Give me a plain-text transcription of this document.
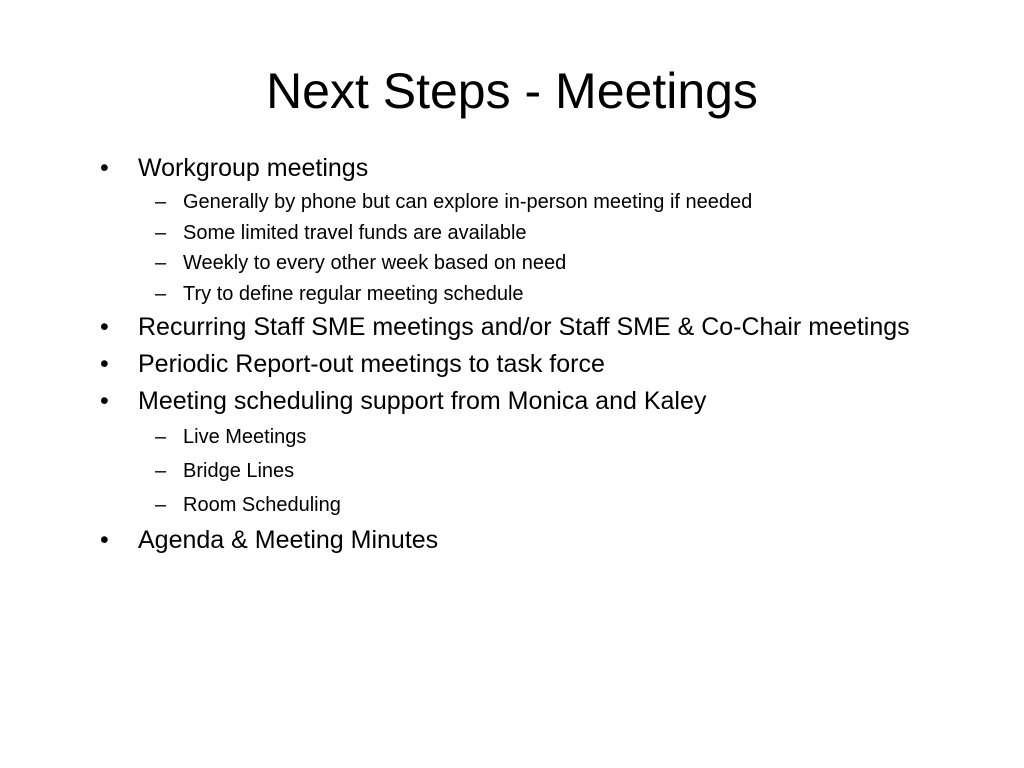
Next Steps - Meetings
•
Workgroup meetings
–
Generally by phone but can explore in-person meeting if needed
–
Some limited travel funds are available
–
Weekly to every other week based on need
–
Try to define regular meeting schedule
•
Recurring Staff SME meetings and/or Staff SME & Co-Chair meetings
•
Periodic Report-out meetings to task force
•
Meeting scheduling support from Monica and Kaley
–
Live Meetings
–
Bridge Lines
–
Room Scheduling
•
Agenda & Meeting Minutes
